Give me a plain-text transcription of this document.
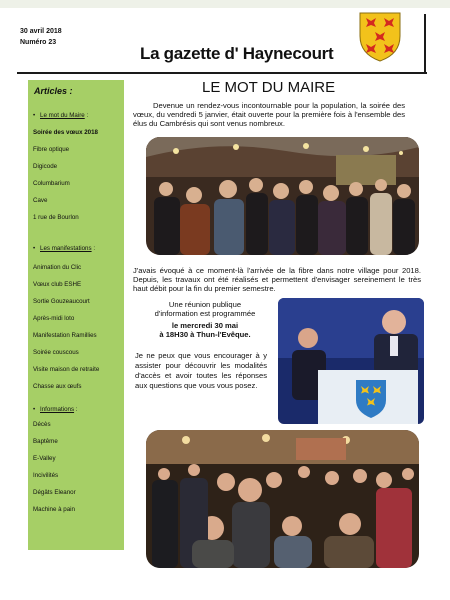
30 avril 2018
Numéro 23
La gazette d' Haynecourt
Articles :
• Le mot du Maire :
Soirée des vœux 2018
Fibre optique
Digicode
Columbarium
Cave
1 rue de Bourlon
• Les manifestations :
Animation du Clic
Vœux club ESHE
Sortie Gouzeaucourt
Après-midi loto
Manifestation Ramillies
Soirée couscous
Visite maison de retraite
Chasse aux œufs
• Informations :
Décès
Baptême
E-Valley
Incivilités
Dégâts Eleanor
Machine à pain
LE MOT DU MAIRE
Devenue un rendez-vous incontournable pour la population, la soirée des vœux, du vendredi 5 janvier, était ouverte pour la première fois à l'ensemble des élus du Cambrésis qui sont venus nombreux.
J'avais évoqué à ce moment-là l'arrivée de la fibre dans notre village pour 2018. Depuis, les travaux ont été réalisés et permettent d'envisager sereinement le très haut débit pour la fin du premier semestre.
Une réunion publique
d'information est programmée
le mercredi 30 mai
à 18H30 à Thun-l'Evêque.
Je ne peux que vous encourager à y assister pour découvrir les modalités d'accès et avoir toutes les réponses aux questions que vous vous posez.
